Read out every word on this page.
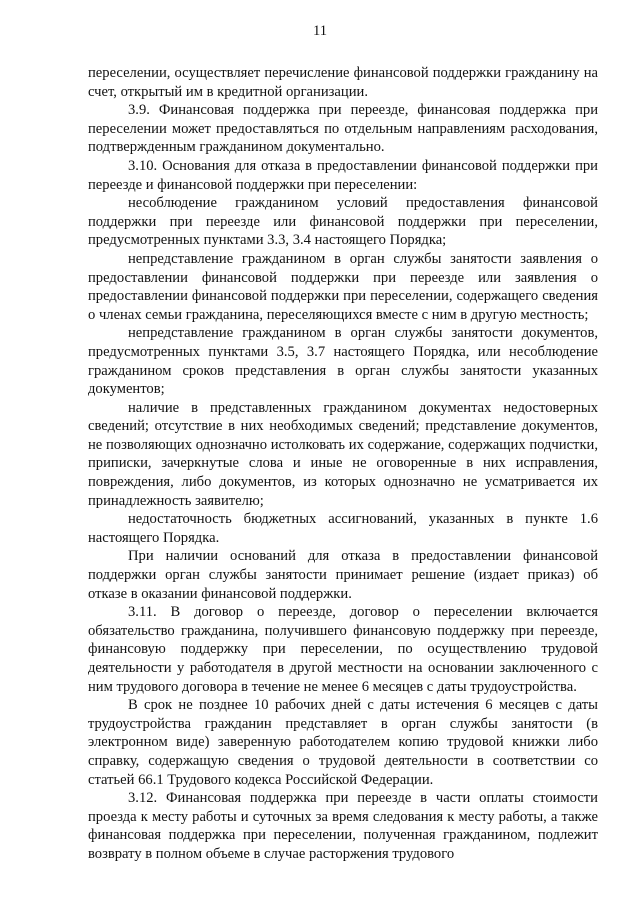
11

переселении, осуществляет перечисление финансовой поддержки гражданину на счет, открытый им в кредитной организации.

3.9. Финансовая поддержка при переезде, финансовая поддержка при переселении может предоставляться по отдельным направлениям расходования, подтвержденным гражданином документально.

3.10. Основания для отказа в предоставлении финансовой поддержки при переезде и финансовой поддержки при переселении:

несоблюдение гражданином условий предоставления финансовой поддержки при переезде или финансовой поддержки при переселении, предусмотренных пунктами 3.3, 3.4 настоящего Порядка;

непредставление гражданином в орган службы занятости заявления о предоставлении финансовой поддержки при переезде или заявления о предоставлении финансовой поддержки при переселении, содержащего сведения о членах семьи гражданина, переселяющихся вместе с ним в другую местность;

непредставление гражданином в орган службы занятости документов, предусмотренных пунктами 3.5, 3.7 настоящего Порядка, или несоблюдение гражданином сроков представления в орган службы занятости указанных документов;

наличие в представленных гражданином документах недостоверных сведений; отсутствие в них необходимых сведений; представление документов, не позволяющих однозначно истолковать их содержание, содержащих подчистки, приписки, зачеркнутые слова и иные не оговоренные в них исправления, повреждения, либо документов, из которых однозначно не усматривается их принадлежность заявителю;

недостаточность бюджетных ассигнований, указанных в пункте 1.6 настоящего Порядка.

При наличии оснований для отказа в предоставлении финансовой поддержки орган службы занятости принимает решение (издает приказ) об отказе в оказании финансовой поддержки.

3.11. В договор о переезде, договор о переселении включается обязательство гражданина, получившего финансовую поддержку при переезде, финансовую поддержку при переселении, по осуществлению трудовой деятельности у работодателя в другой местности на основании заключенного с ним трудового договора в течение не менее 6 месяцев с даты трудоустройства.

В срок не позднее 10 рабочих дней с даты истечения 6 месяцев с даты трудоустройства гражданин представляет в орган службы занятости (в электронном виде) заверенную работодателем копию трудовой книжки либо справку, содержащую сведения о трудовой деятельности в соответствии со статьей 66.1 Трудового кодекса Российской Федерации.

3.12. Финансовая поддержка при переезде в части оплаты стоимости проезда к месту работы и суточных за время следования к месту работы, а также финансовая поддержка при переселении, полученная гражданином, подлежит возврату в полном объеме в случае расторжения трудового
